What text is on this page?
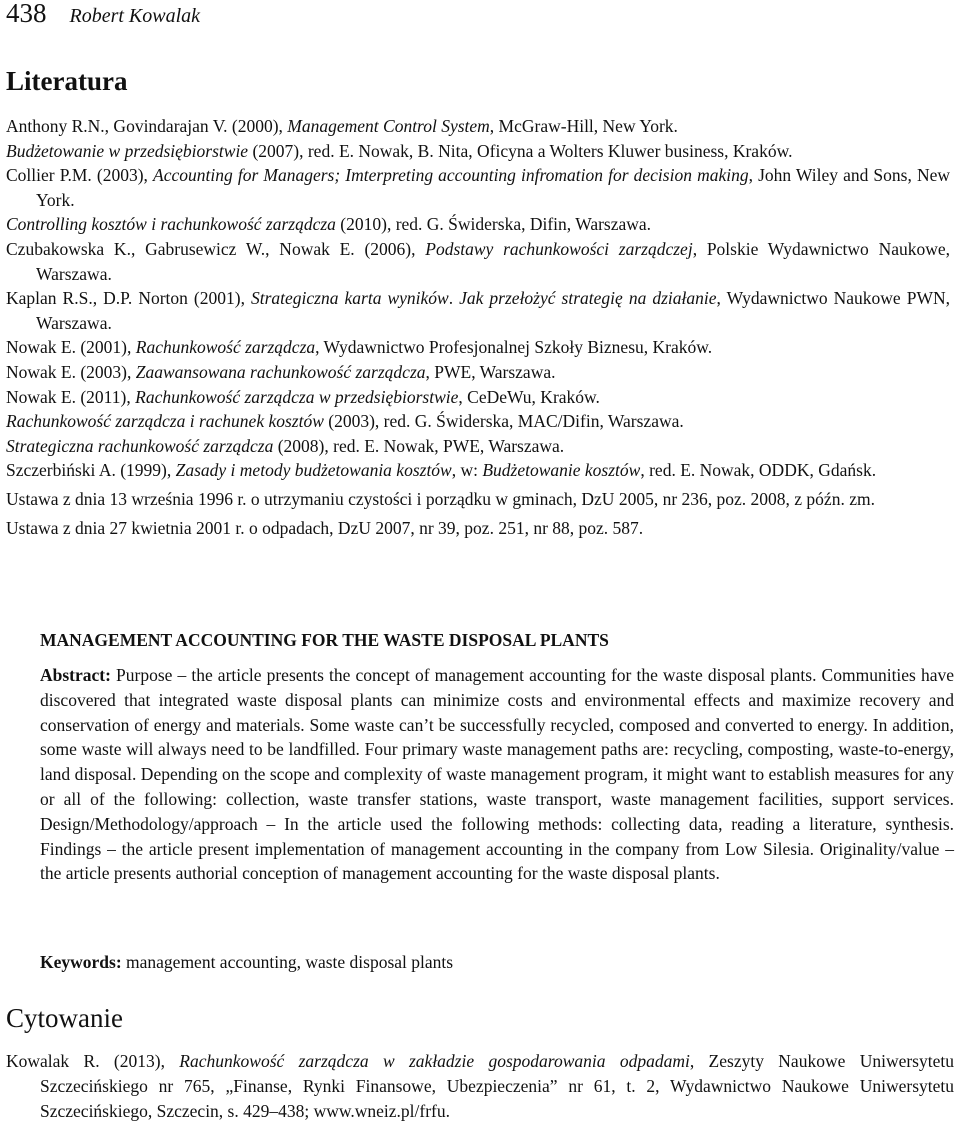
438 Robert Kowalak
Literatura
Anthony R.N., Govindarajan V. (2000), Management Control System, McGraw-Hill, New York.
Budżetowanie w przedsiębiorstwie (2007), red. E. Nowak, B. Nita, Oficyna a Wolters Kluwer business, Kraków.
Collier P.M. (2003), Accounting for Managers; Imterpreting accounting infromation for decision making, John Wiley and Sons, New York.
Controlling kosztów i rachunkowość zarządcza (2010), red. G. Świderska, Difin, Warszawa.
Czubakowska K., Gabrusewicz W., Nowak E. (2006), Podstawy rachunkowości zarządczej, Polskie Wydawnictwo Naukowe, Warszawa.
Kaplan R.S., D.P. Norton (2001), Strategiczna karta wyników. Jak przełożyć strategię na działanie, Wydawnictwo Naukowe PWN, Warszawa.
Nowak E. (2001), Rachunkowość zarządcza, Wydawnictwo Profesjonalnej Szkoły Biznesu, Kraków.
Nowak E. (2003), Zaawansowana rachunkowość zarządcza, PWE, Warszawa.
Nowak E. (2011), Rachunkowość zarządcza w przedsiębiorstwie, CeDeWu, Kraków.
Rachunkowość zarządcza i rachunek kosztów (2003), red. G. Świderska, MAC/Difin, Warszawa.
Strategiczna rachunkowość zarządcza (2008), red. E. Nowak, PWE, Warszawa.
Szczerbiński A. (1999), Zasady i metody budżetowania kosztów, w: Budżetowanie kosztów, red. E. Nowak, ODDK, Gdańsk.
Ustawa z dnia 13 września 1996 r. o utrzymaniu czystości i porządku w gminach, DzU 2005, nr 236, poz. 2008, z późn. zm.
Ustawa z dnia 27 kwietnia 2001 r. o odpadach, DzU 2007, nr 39, poz. 251, nr 88, poz. 587.
MANAGEMENT ACCOUNTING FOR THE WASTE DISPOSAL PLANTS

Abstract: Purpose – the article presents the concept of management accounting for the waste disposal plants. Communities have discovered that integrated waste disposal plants can minimize costs and environmental effects and maximize recovery and conservation of energy and materials. Some waste can’t be successfully recycled, composed and converted to energy. In addition, some waste will always need to be landfilled. Four primary waste management paths are: recycling, composting, waste-to-energy, land disposal. Depending on the scope and complexity of waste management program, it might want to establish measures for any or all of the following: collection, waste transfer stations, waste transport, waste management facilities, support services. Design/Methodology/approach – In the article used the following methods: collecting data, reading a literature, synthesis. Findings – the article present implementation of management accounting in the company from Low Silesia. Originality/value – the article presents authorial conception of management accounting for the waste disposal plants.

Keywords: management accounting, waste disposal plants

Cytowanie
Kowalak R. (2013), Rachunkowość zarządcza w zakładzie gospodarowania odpadami, Zeszyty Naukowe Uniwersytetu Szczecińskiego nr 765, „Finanse, Rynki Finansowe, Ubezpieczenia” nr 61, t. 2, Wydawnictwo Naukowe Uniwersytetu Szczecińskiego, Szczecin, s. 429–438; www.wneiz.pl/frfu.
